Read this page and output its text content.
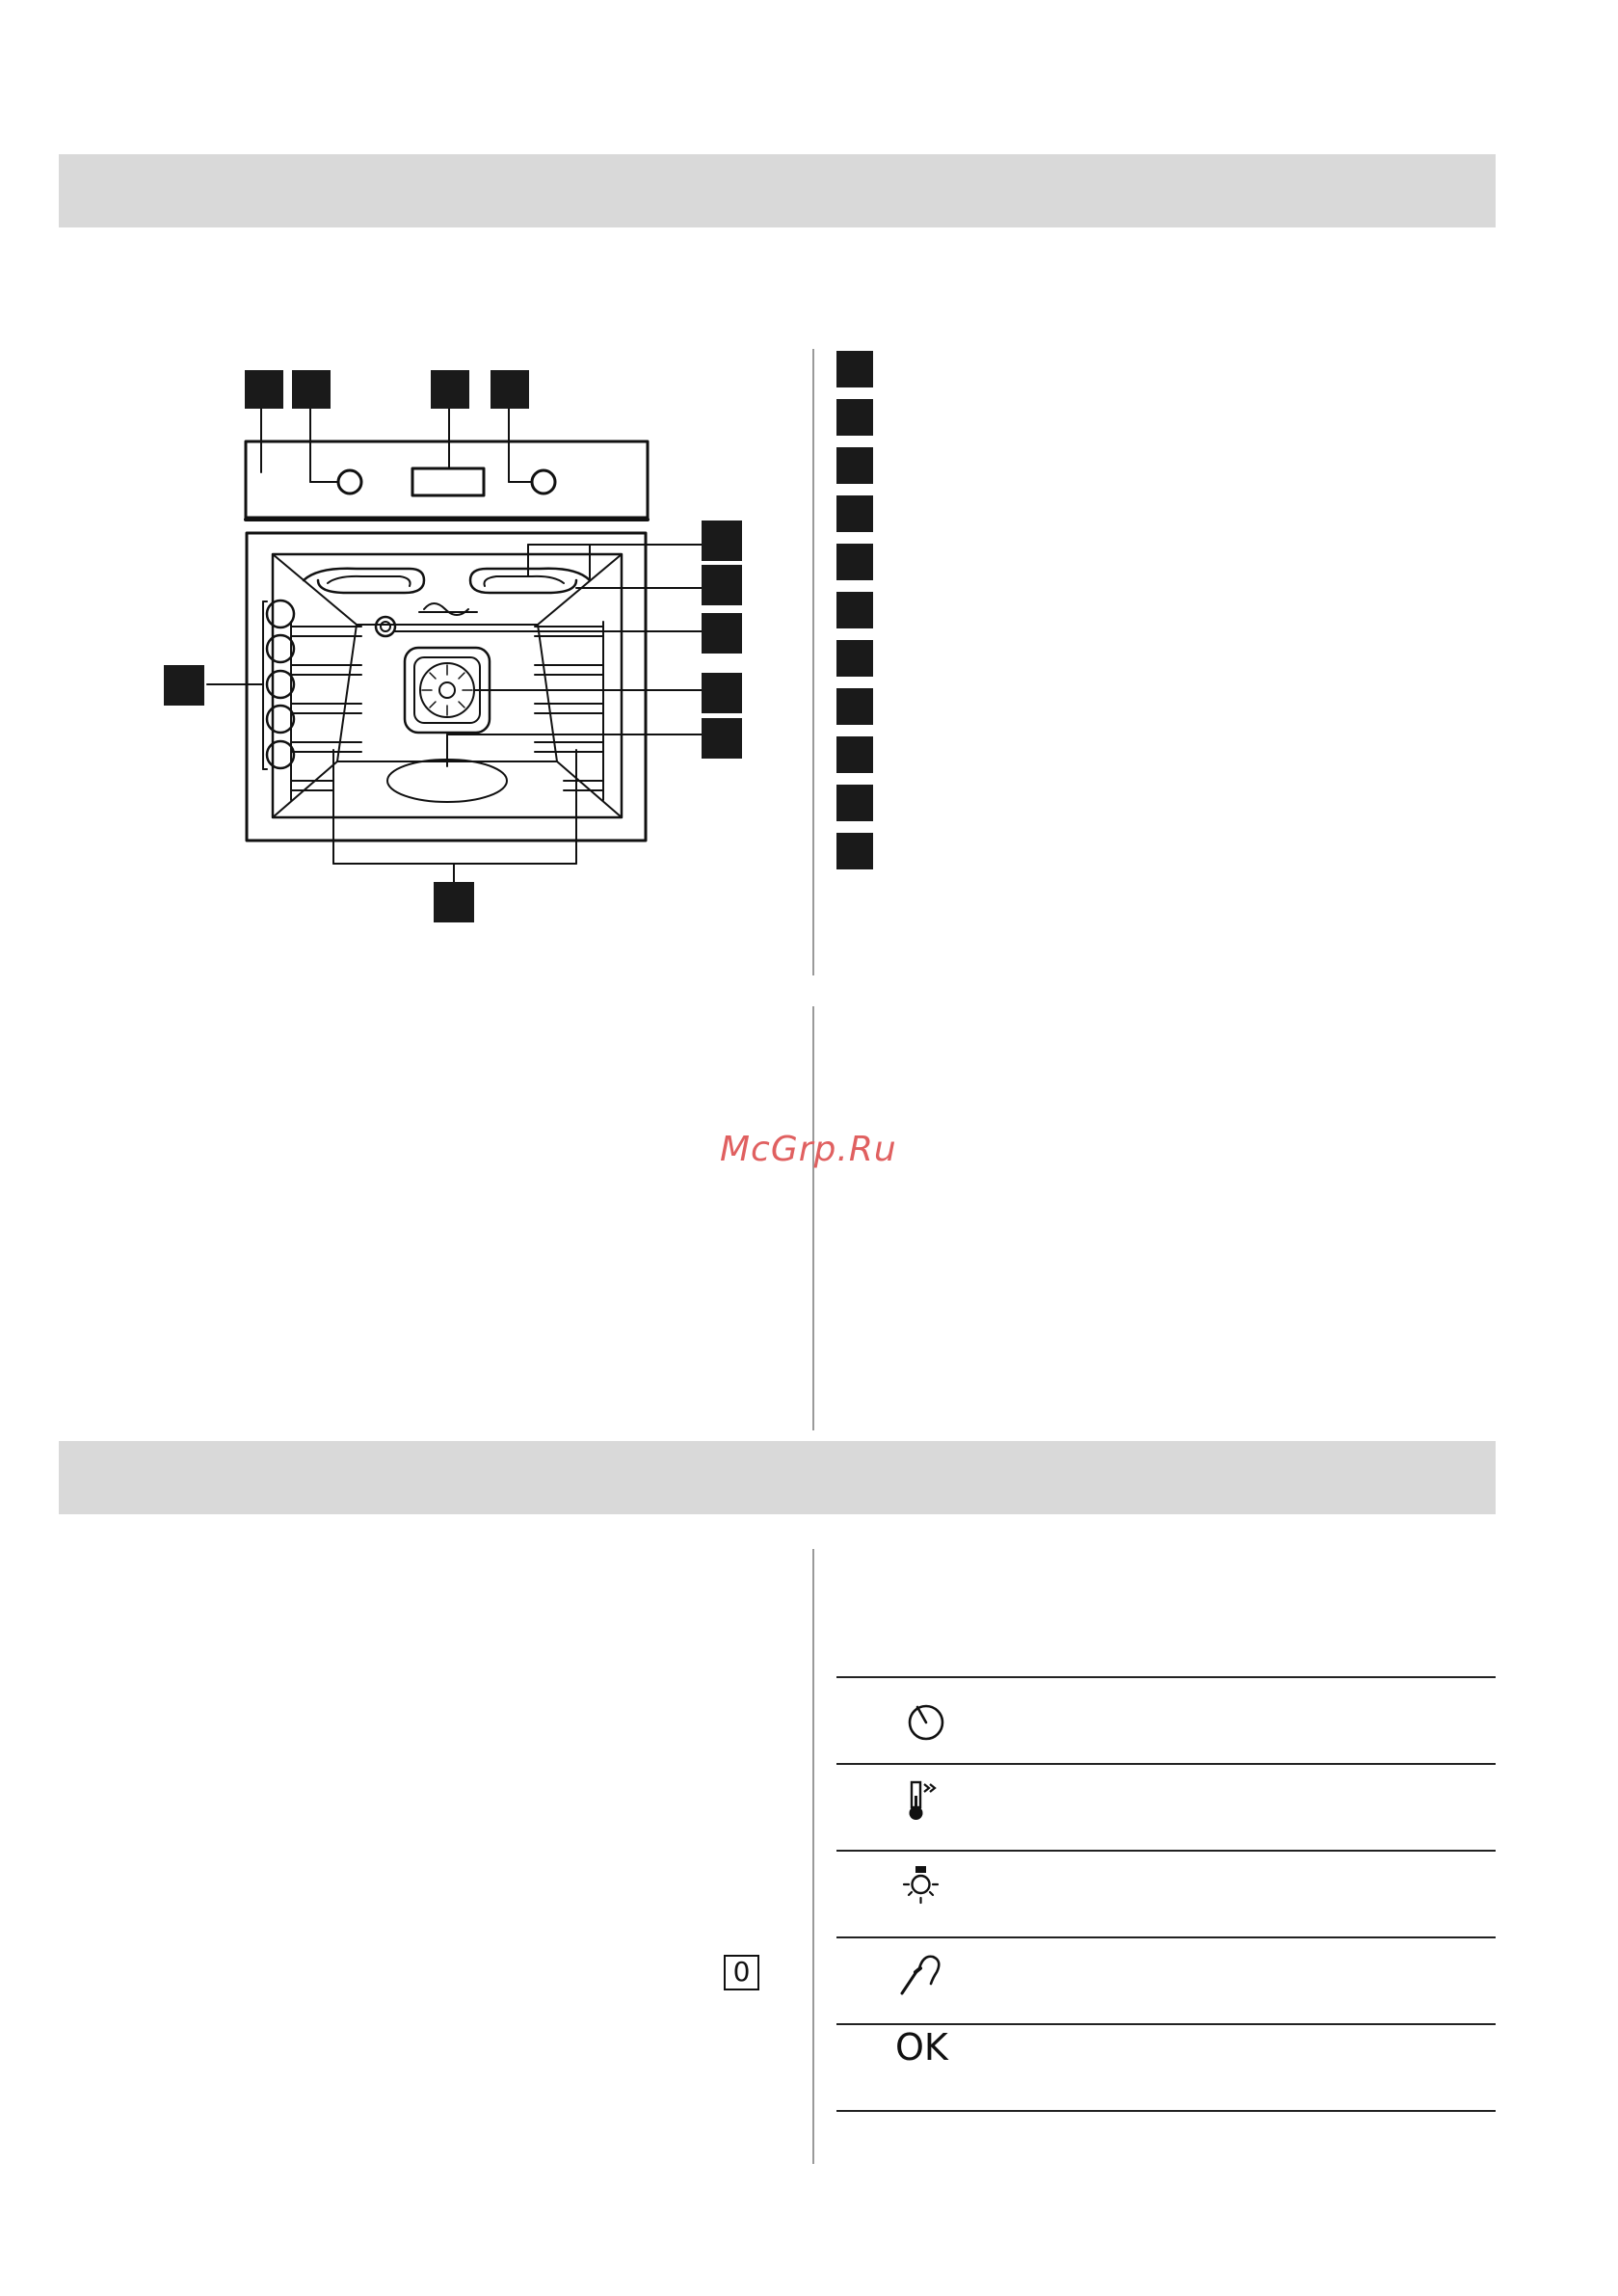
McGrp.Ru
OK
0
